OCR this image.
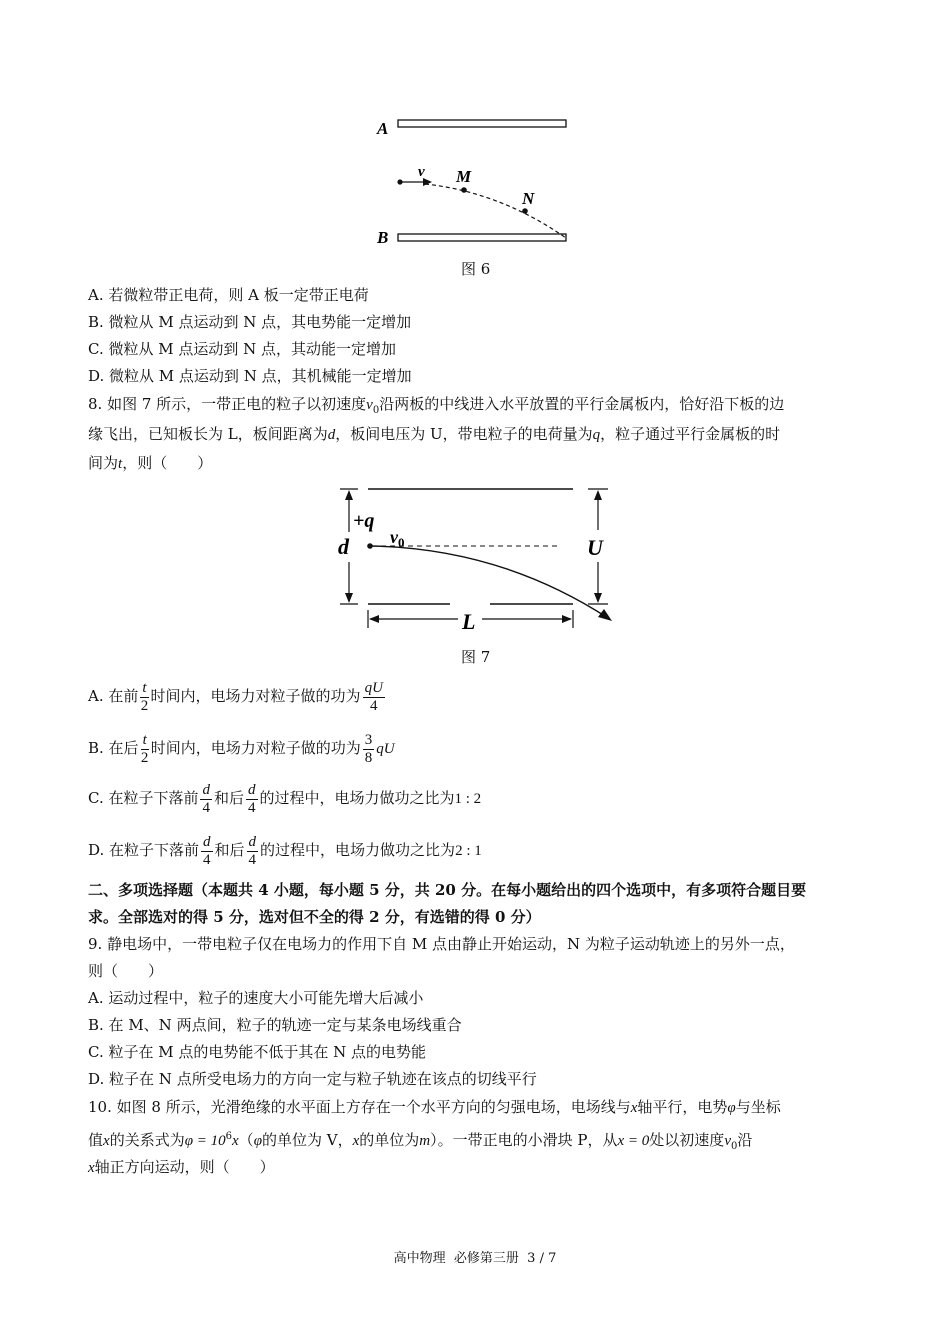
A
B
v M
N
图 6
A. 若微粒带正电荷，则 A 板一定带正电荷
B. 微粒从 M 点运动到 N 点，其电势能一定增加
C. 微粒从 M 点运动到 N 点，其动能一定增加
D. 微粒从 M 点运动到 N 点，其机械能一定增加
8. 如图 7 所示，一带正电的粒子以初速度$v_0$沿两板的中线进入水平放置的平行金属板内，恰好沿下板的边
缘飞出，已知板长为 L，板间距离为d，板间电压为 U，带电粒子的电荷量为q，粒子通过平行金属板的时
间为t，则（　　）
d	U
+q
$v_0$
L
图 7
A. 在前 $\frac{t}{2}$ 时间内，电场力对粒子做的功为 $\frac{qU}{4}$
B. 在后 $\frac{t}{2}$ 时间内，电场力对粒子做的功为 $\frac{3}{8}$ qU
C. 在粒子下落前 $\frac{d}{4}$ 和后 $\frac{d}{4}$ 的过程中，电场力做功之比为1 : 2
D. 在粒子下落前 $\frac{d}{4}$ 和后 $\frac{d}{4}$ 的过程中，电场力做功之比为2 : 1
二、多项选择题（本题共 4 小题，每小题 5 分，共 20 分。在每小题给出的四个选项中，有多项符合题目要
求。全部选对的得 5 分，选对但不全的得 2 分，有选错的得 0 分）
9. 静电场中，一带电粒子仅在电场力的作用下自 M 点由静止开始运动，N 为粒子运动轨迹上的另外一点，
则（　　）
A. 运动过程中，粒子的速度大小可能先增大后减小
B. 在 M、N 两点间，粒子的轨迹一定与某条电场线重合
C. 粒子在 M 点的电势能不低于其在 N 点的电势能
D. 粒子在 N 点所受电场力的方向一定与粒子轨迹在该点的切线平行
10. 如图 8 所示，光滑绝缘的水平面上方存在一个水平方向的匀强电场，电场线与x轴平行，电势φ与坐标
值x的关系式为$\varphi = 10^6x(\varphi$的单位为 V，x的单位为m）。一带正电的小滑块 P，从x = 0处以初速度$v_0$沿
x轴正方向运动，则（　　）
高中物理  必修第三册  3 / 7
